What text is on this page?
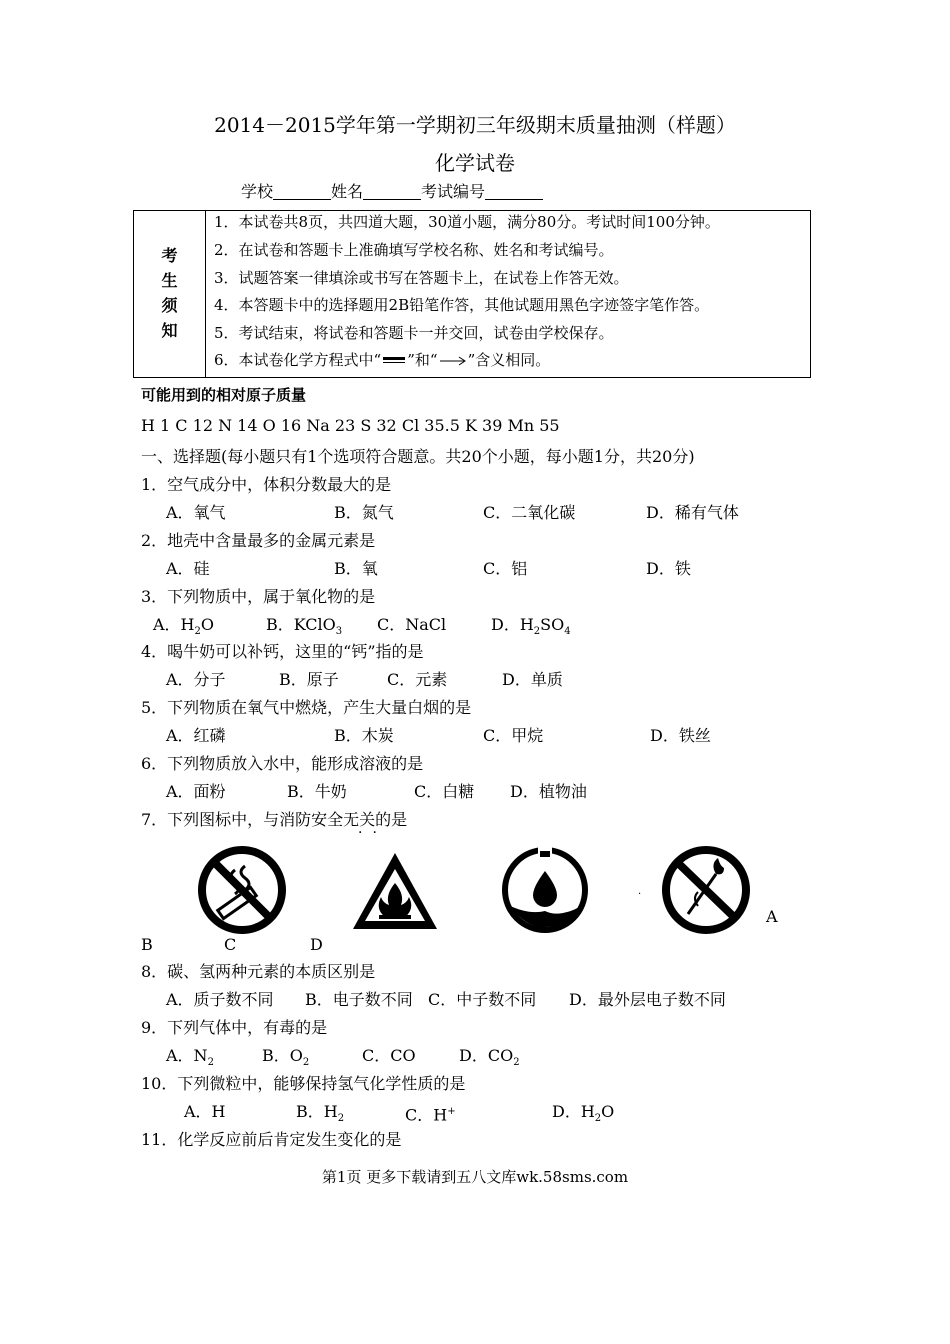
2014－2015学年第一学期初三年级期末质量抽测（样题）
化学试卷
学校	姓名	考试编号
考
生
须
知
1．本试卷共8页，共四道大题，30道小题，满分80分。考试时间100分钟。
2．在试卷和答题卡上准确填写学校名称、姓名和考试编号。
3．试题答案一律填涂或书写在答题卡上，在试卷上作答无效。
4．本答题卡中的选择题用2B铅笔作答，其他试题用黑色字迹签字笔作答。
5．考试结束，将试卷和答题卡一并交回，试卷由学校保存。
6．本试卷化学方程式中“ ”和“ ”含义相同。
可能用到的相对原子质量
H 1 C 12 N 14 O 16 Na 23 S 32 Cl 35.5 K 39 Mn 55
一、选择题(每小题只有1个选项符合题意。共20个小题，每小题1分，共20分)
1．空气成分中，体积分数最大的是
A．氧气	B．氮气	C．二氧化碳	D．稀有气体
2．地壳中含量最多的金属元素是
A．硅	B．氧	C．铝	D．铁
3．下列物质中，属于氧化物的是
A．$H_2O$	B．KClO$_3$ C．NaCl	D．$H_2SO_4$
4．喝牛奶可以补钙，这里的“钙”指的是
A．分子	B．原子	C．元素	D．单质
5．下列物质在氧气中燃烧，产生大量白烟的是
A．红磷	B．木炭	C．甲烷	D．铁丝
6．下列物质放入水中，能形成溶液的是
A．面粉	B．牛奶	C．白糖 D．植物油
7．下列图标中，与消防安全无关的是
··
·
A
B	C	D
8．碳、氢两种元素的本质区别是
A．质子数不同 B．电子数不同 C．中子数不同 D．最外层电子数不同
9．下列气体中，有毒的是
A．$N_2$	B．$O_2$	C．CO	D．$CO_2$
10．下列微粒中，能够保持氢气化学性质的是
A．H	B．$H_2$	C．H+	D．$H_2O$
11．化学反应前后肯定发生变化的是
第1页 更多下载请到五八文库wk.58sms.com
